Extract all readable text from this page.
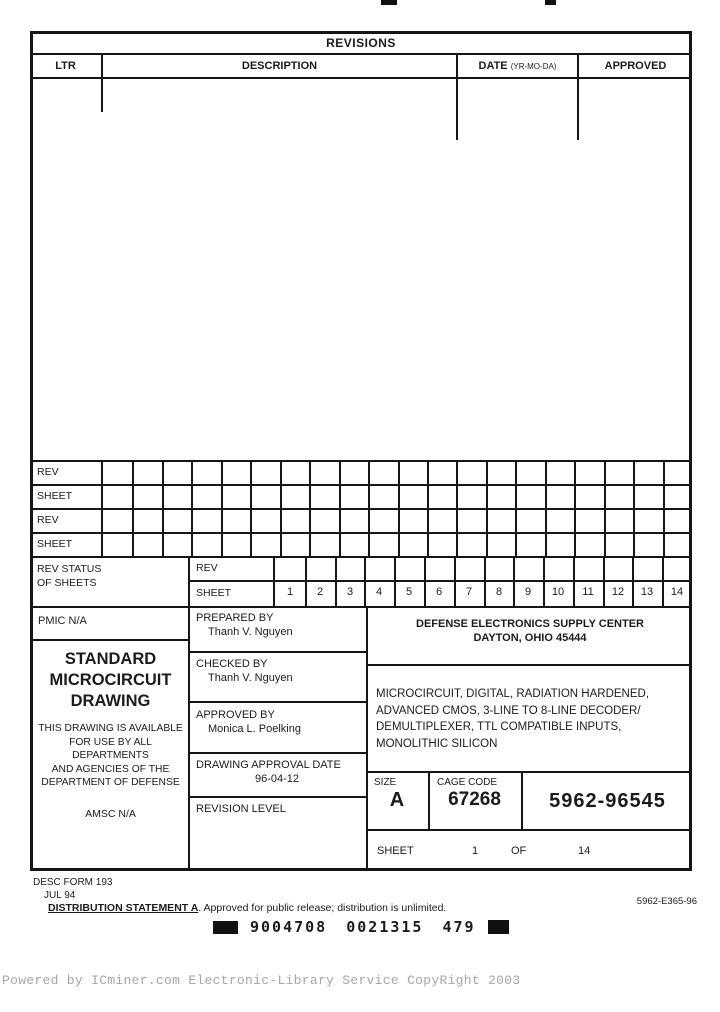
REVISIONS
LTR	DESCRIPTION	DATE (YR-MO-DA)	APPROVED
REV
SHEET
REV
SHEET
REV STATUS
OF SHEETS
REV
SHEET	1	2	3	4	5	6	7	8	9	10	11	12	13	14
PMIC N/A
STANDARD
MICROCIRCUIT
DRAWING
THIS DRAWING IS AVAILABLE
FOR USE BY ALL
DEPARTMENTS
AND AGENCIES OF THE
DEPARTMENT OF DEFENSE
AMSC N/A
PREPARED BY
Thanh V. Nguyen
CHECKED BY
Thanh V. Nguyen
APPROVED BY
Monica L. Poelking
DRAWING APPROVAL DATE
96-04-12
REVISION LEVEL
DEFENSE ELECTRONICS SUPPLY CENTER
DAYTON, OHIO 45444
MICROCIRCUIT, DIGITAL, RADIATION HARDENED,
ADVANCED CMOS, 3-LINE TO 8-LINE DECODER/
DEMULTIPLEXER, TTL COMPATIBLE INPUTS,
MONOLITHIC SILICON
SIZE
A
CAGE CODE
67268	5962-96545
SHEET	1	OF	14
DESC FORM 193
JUL 94
DISTRIBUTION STATEMENT A. Approved for public release; distribution is unlimited.
5962-E365-96
9004708 0021315 479
Powered by ICminer.com Electronic-Library Service CopyRight 2003
